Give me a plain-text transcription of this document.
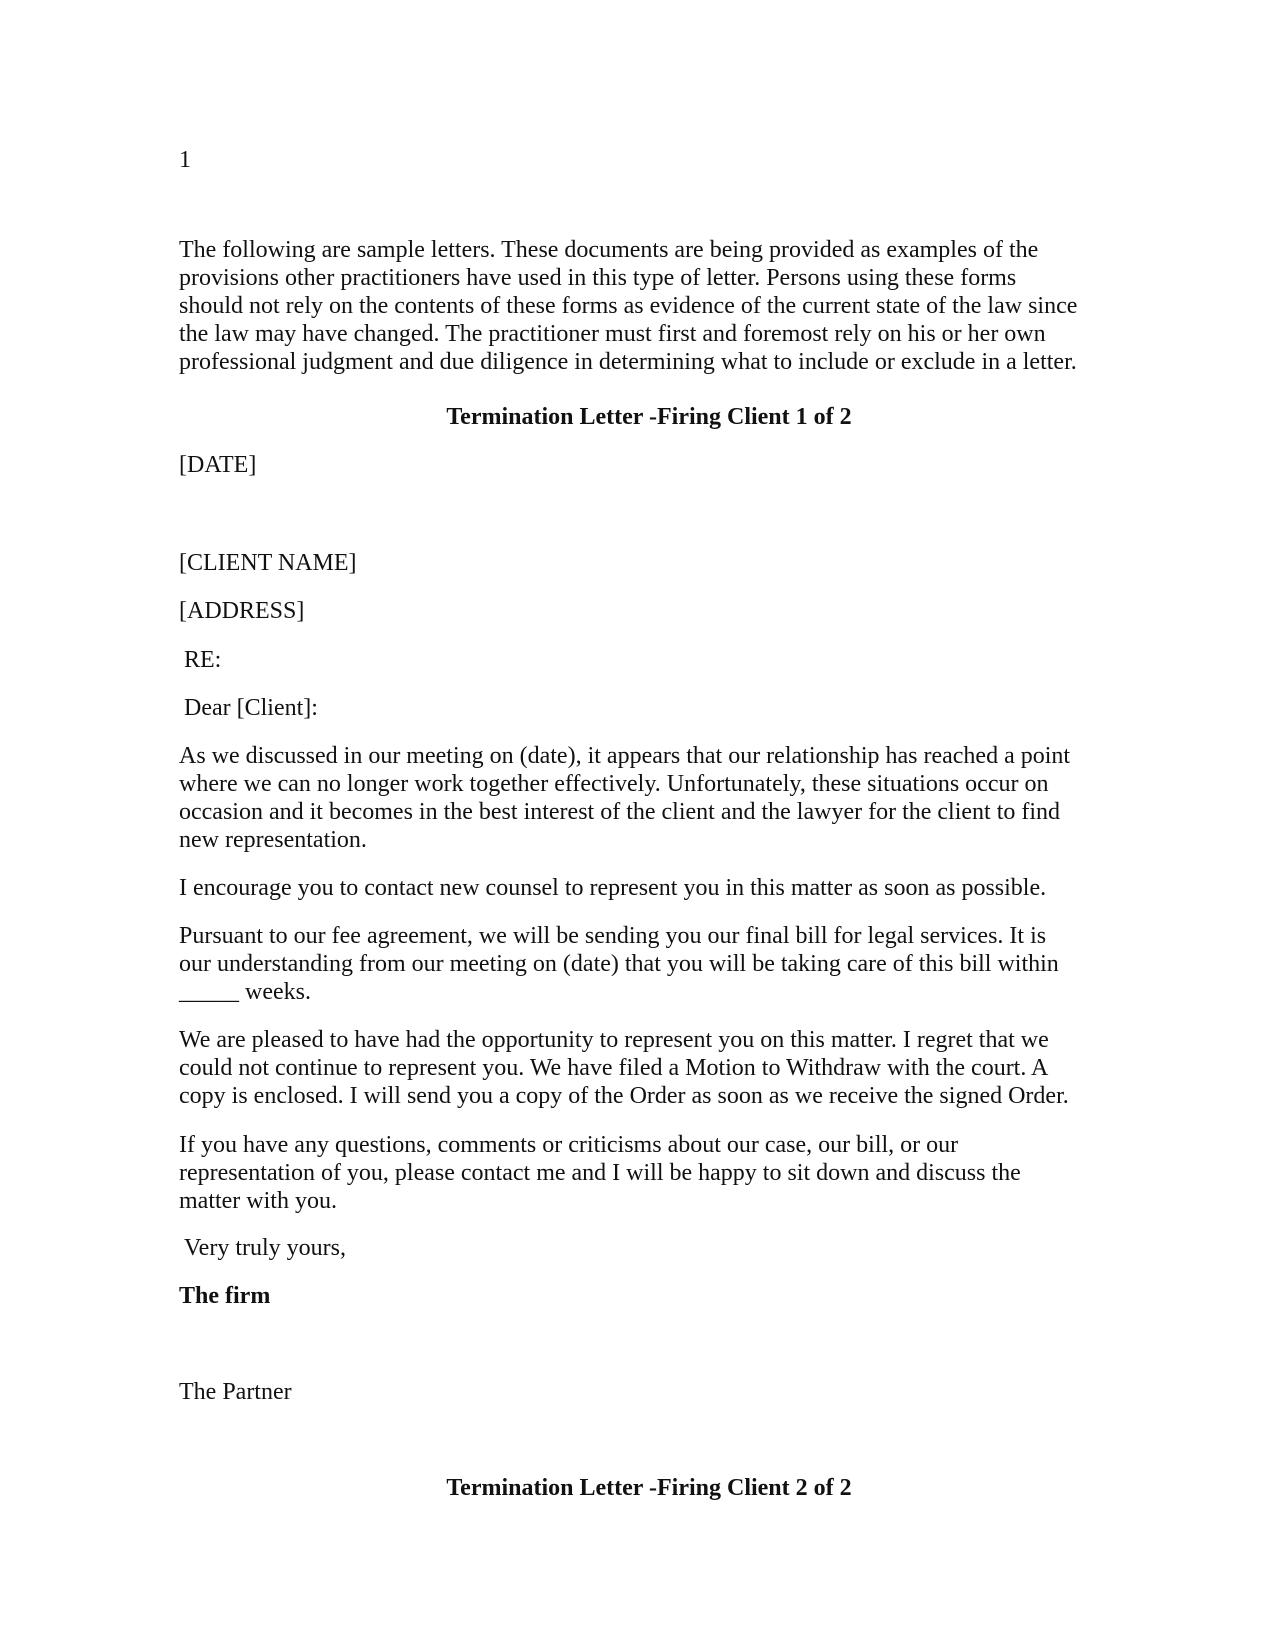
1
The following are sample letters. These documents are being provided as examples of the
provisions other practitioners have used in this type of letter. Persons using these forms
should not rely on the contents of these forms as evidence of the current state of the law since
the law may have changed. The practitioner must first and foremost rely on his or her own
professional judgment and due diligence in determining what to include or exclude in a letter.
Termination Letter -Firing Client 1 of 2
[DATE]
[CLIENT NAME]
[ADDRESS]
RE:
Dear [Client]:
As we discussed in our meeting on (date), it appears that our relationship has reached a point
where we can no longer work together effectively. Unfortunately, these situations occur on
occasion and it becomes in the best interest of the client and the lawyer for the client to find
new representation.
I encourage you to contact new counsel to represent you in this matter as soon as possible.
Pursuant to our fee agreement, we will be sending you our final bill for legal services. It is
our understanding from our meeting on (date) that you will be taking care of this bill within
_____ weeks.
We are pleased to have had the opportunity to represent you on this matter. I regret that we
could not continue to represent you. We have filed a Motion to Withdraw with the court. A
copy is enclosed. I will send you a copy of the Order as soon as we receive the signed Order.
If you have any questions, comments or criticisms about our case, our bill, or our
representation of you, please contact me and I will be happy to sit down and discuss the
matter with you.
Very truly yours,
The firm
The Partner
Termination Letter -Firing Client 2 of 2
